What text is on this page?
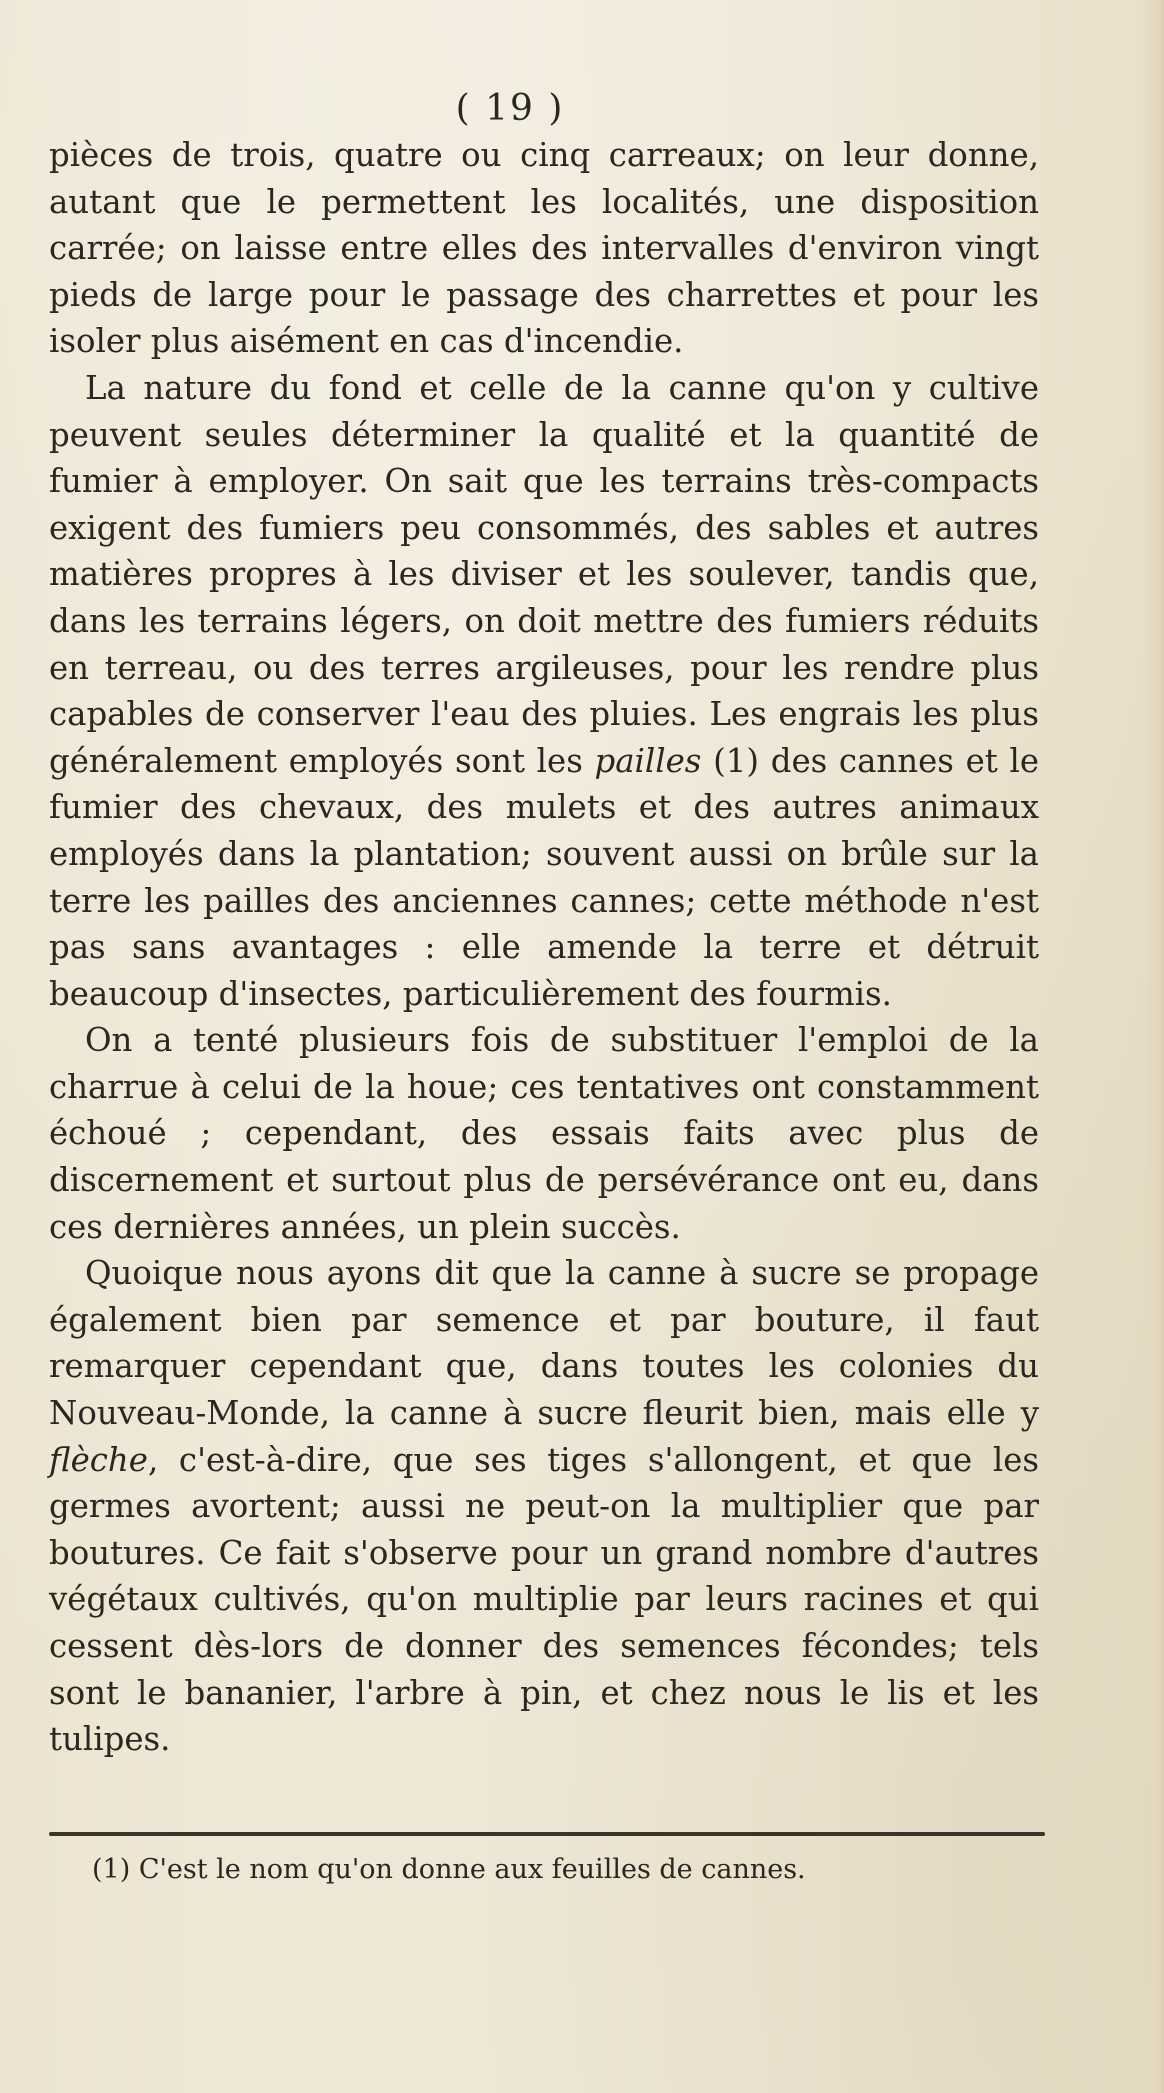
( 19 )

pièces de trois, quatre ou cinq carreaux; on leur donne, autant que le permettent les localités, une disposition carrée; on laisse entre elles des intervalles d'environ vingt pieds de large pour le passage des charrettes et pour les isoler plus aisément en cas d'incendie.

La nature du fond et celle de la canne qu'on y cultive peuvent seules déterminer la qualité et la quantité de fumier à employer. On sait que les terrains très-compacts exigent des fumiers peu consommés, des sables et autres matières propres à les diviser et les soulever, tandis que, dans les terrains légers, on doit mettre des fumiers réduits en terreau, ou des terres argileuses, pour les rendre plus capables de conserver l'eau des pluies. Les engrais les plus généralement employés sont les pailles (1) des cannes et le fumier des chevaux, des mulets et des autres animaux employés dans la plantation; souvent aussi on brûle sur la terre les pailles des anciennes cannes; cette méthode n'est pas sans avantages : elle amende la terre et détruit beaucoup d'insectes, particulièrement des fourmis.

On a tenté plusieurs fois de substituer l'emploi de la charrue à celui de la houe; ces tentatives ont constamment échoué ; cependant, des essais faits avec plus de discernement et surtout plus de persévérance ont eu, dans ces dernières années, un plein succès.

Quoique nous ayons dit que la canne à sucre se propage également bien par semence et par bouture, il faut remarquer cependant que, dans toutes les colonies du Nouveau-Monde, la canne à sucre fleurit bien, mais elle y flèche, c'est-à-dire, que ses tiges s'allongent, et que les germes avortent; aussi ne peut-on la multiplier que par boutures. Ce fait s'observe pour un grand nombre d'autres végétaux cultivés, qu'on multiplie par leurs racines et qui cessent dès-lors de donner des semences fécondes; tels sont le bananier, l'arbre à pin, et chez nous le lis et les tulipes.

(1) C'est le nom qu'on donne aux feuilles de cannes.
